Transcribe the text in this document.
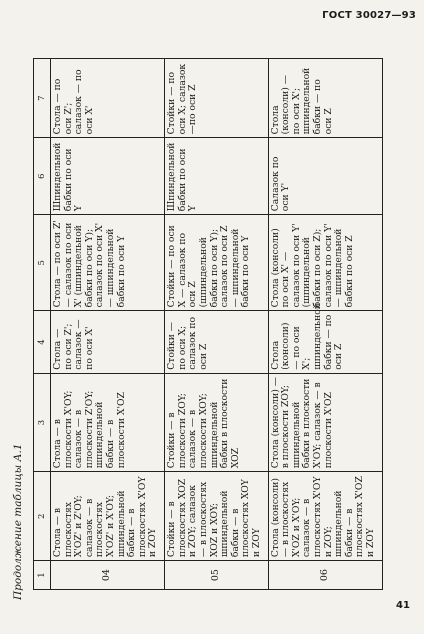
ГОСТ 30027—93
Продолжение таблицы А.1 1	2	3	4	5	6	7
04	Стола — в плоскостях X'OZ' и Z'OY; салазок — в плоскостях X'OZ' и X'OY; шпиндельной бабки — в плоскостях X'OY и ZOY	Стола — в плоскости X'OY; салазок — в плоскости Z'OY; шпиндельной бабки — в плоскости X'OZ	Стола — по оси Z'; салазок —по оси X'	Стола — по оси Z' — салазок по оси X' (шпиндельной бабки по оси Y); салазок по оси X' — шпиндельной бабки по оси Y	Шпиндельной бабки по оси Y	Стола — по оси Z'; салазок — по оси X'
05	Стойки — в плоскостях XOZ и ZOY; салазок — в плоскостях XOZ и XOY; шпиндельной бабки — в плоскостях XOY и ZOY	Стойки — в плоскости ZOY; салазок — в плоскости XOY; шпиндельной бабки в плоскости XOZ	Стойки — по оси X; салазок по оси Z	Стойки — по оси X — салазок по оси Z (шпиндельной бабки по оси Y); салазок по оси Z — шпиндельной бабки по оси Y	Шпиндельной бабки по оси Y	Стойки — по оси X; салазок —по оси Z
06	Стола (консоли) — в плоскостях X'OZ и X'OY; салазок — в плоскостях X'OY и ZOY; шпиндельной бабки — в плоскостях X'OZ и ZOY	Стола (консоли) — в плоскости ZOY; шпиндельной бабки в плоскости X'OY; салазок — в плоскости X'OZ	Стола (консоли) — по оси X'; шпиндельной бабки — по оси Z	Стола (консоли) по оси X' — салазок по оси Y' (шпиндельной бабки по оси Z); салазок по оси Y' — шпиндельной бабки по оси Z	Салазок по оси Y'	Стола (консоли) — по оси X'; шпиндельной бабки — по оси Z
41
